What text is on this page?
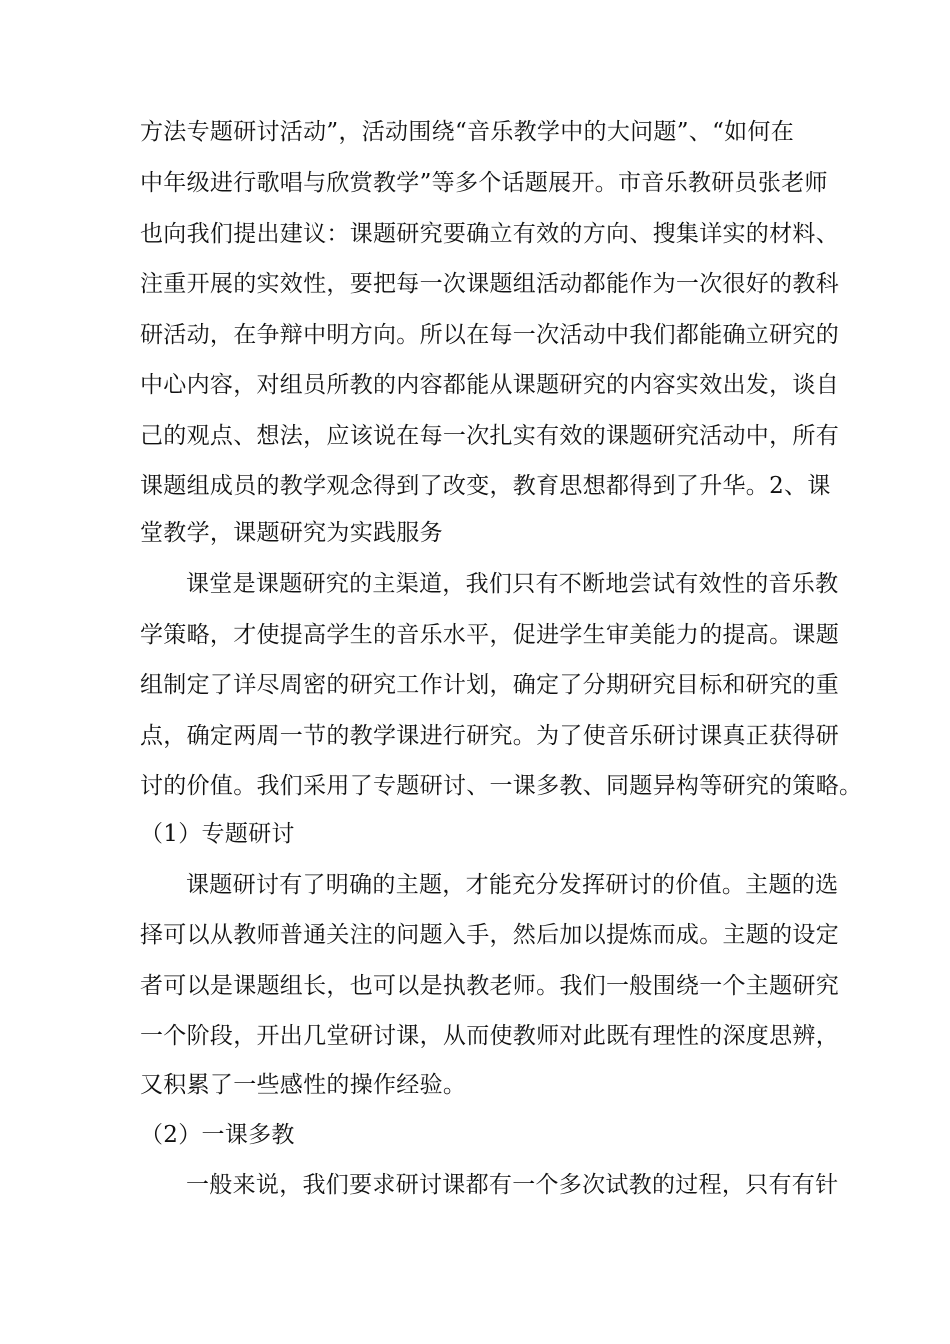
方法专题研讨活动”，活动围绕“音乐教学中的大问题”、“如何在
中年级进行歌唱与欣赏教学”等多个话题展开。市音乐教研员张老师
也向我们提出建议：课题研究要确立有效的方向、搜集详实的材料、
注重开展的实效性，要把每一次课题组活动都能作为一次很好的教科
研活动，在争辩中明方向。所以在每一次活动中我们都能确立研究的
中心内容，对组员所教的内容都能从课题研究的内容实效出发，谈自
己的观点、想法，应该说在每一次扎实有效的课题研究活动中，所有
课题组成员的教学观念得到了改变，教育思想都得到了升华。2、课
堂教学，课题研究为实践服务
课堂是课题研究的主渠道，我们只有不断地尝试有效性的音乐教
学策略，才使提高学生的音乐水平，促进学生审美能力的提高。课题
组制定了详尽周密的研究工作计划，确定了分期研究目标和研究的重
点，确定两周一节的教学课进行研究。为了使音乐研讨课真正获得研
讨的价值。我们采用了专题研讨、一课多教、同题异构等研究的策略。
（1）专题研讨
课题研讨有了明确的主题，才能充分发挥研讨的价值。主题的选
择可以从教师普通关注的问题入手，然后加以提炼而成。主题的设定
者可以是课题组长，也可以是执教老师。我们一般围绕一个主题研究
一个阶段，开出几堂研讨课，从而使教师对此既有理性的深度思辨，
又积累了一些感性的操作经验。
（2）一课多教
一般来说，我们要求研讨课都有一个多次试教的过程，只有有针
